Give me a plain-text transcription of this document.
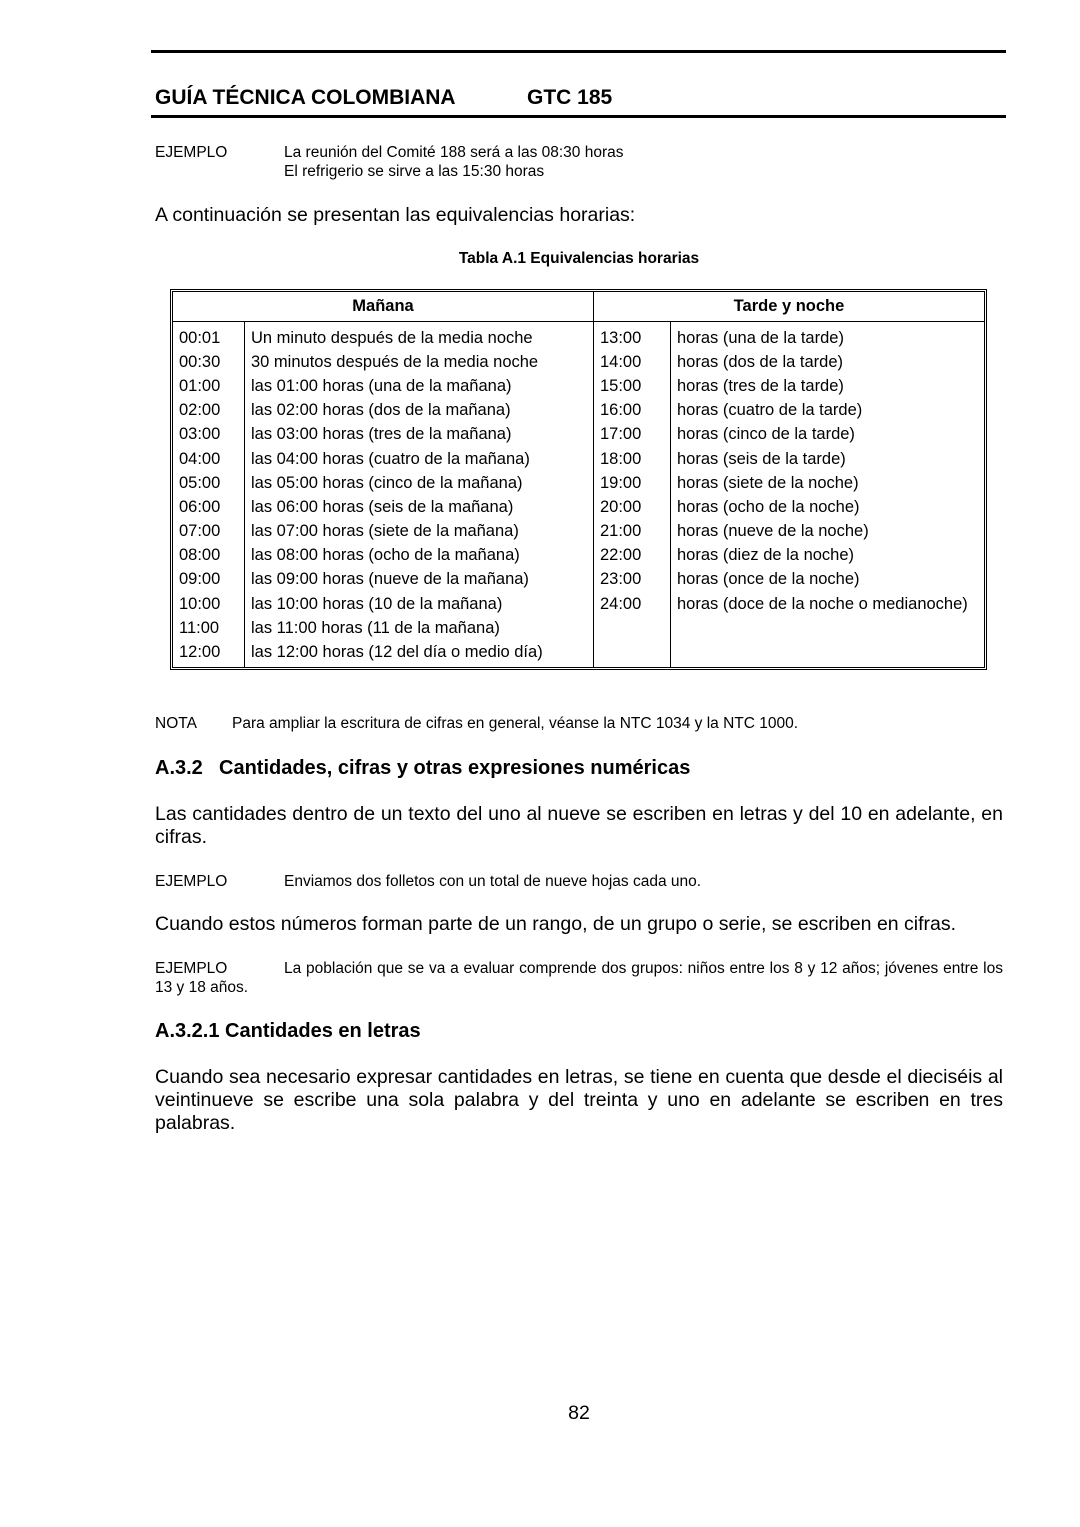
GUÍA TÉCNICA COLOMBIANA	GTC 185
EJEMPLO	La reunión del Comité 188 será a las 08:30 horas
El refrigerio se sirve a las 15:30 horas
A continuación se presentan las equivalencias horarias:
Tabla A.1 Equivalencias horarias
Mañana		Tarde y noche	
00:01	Un minuto después de la media noche	13:00	horas (una de la tarde)
00:30	30 minutos después de la media noche	14:00	horas (dos de la tarde)
01:00	las 01:00 horas (una de la mañana)	15:00	horas (tres de la tarde)
02:00	las 02:00 horas (dos de la mañana)	16:00	horas (cuatro de la tarde)
03:00	las 03:00 horas (tres de la mañana)	17:00	horas (cinco de la tarde)
04:00	las 04:00 horas (cuatro de la mañana)	18:00	horas (seis de la tarde)
05:00	las 05:00 horas (cinco de la mañana)	19:00	horas (siete de la noche)
06:00	las 06:00 horas (seis de la mañana)	20:00	horas (ocho de la noche)
07:00	las 07:00 horas (siete de la mañana)	21:00	horas (nueve de la noche)
08:00	las 08:00 horas (ocho de la mañana)	22:00	horas (diez de la noche)
09:00	las 09:00 horas (nueve de la mañana)	23:00	horas (once de la noche)
10:00	las 10:00 horas (10 de la mañana)	24:00	horas (doce de la noche o medianoche)
11:00	las 11:00 horas (11 de la mañana)		
12:00	las 12:00 horas (12 del día o medio día)		
NOTA Para ampliar la escritura de cifras en general, véanse la NTC 1034 y la NTC 1000.
A.3.2 Cantidades, cifras y otras expresiones numéricas
Las cantidades dentro de un texto del uno al nueve se escriben en letras y del 10 en adelante, en cifras.
EJEMPLO	Enviamos dos folletos con un total de nueve hojas cada uno.
Cuando estos números forman parte de un rango, de un grupo o serie, se escriben en cifras.
EJEMPLO	La población que se va a evaluar comprende dos grupos: niños entre los 8 y 12 años; jóvenes entre los 13 y 18 años.
A.3.2.1 Cantidades en letras
Cuando sea necesario expresar cantidades en letras, se tiene en cuenta que desde el dieciséis al veintinueve se escribe una sola palabra y del treinta y uno en adelante se escriben en tres palabras.
82
